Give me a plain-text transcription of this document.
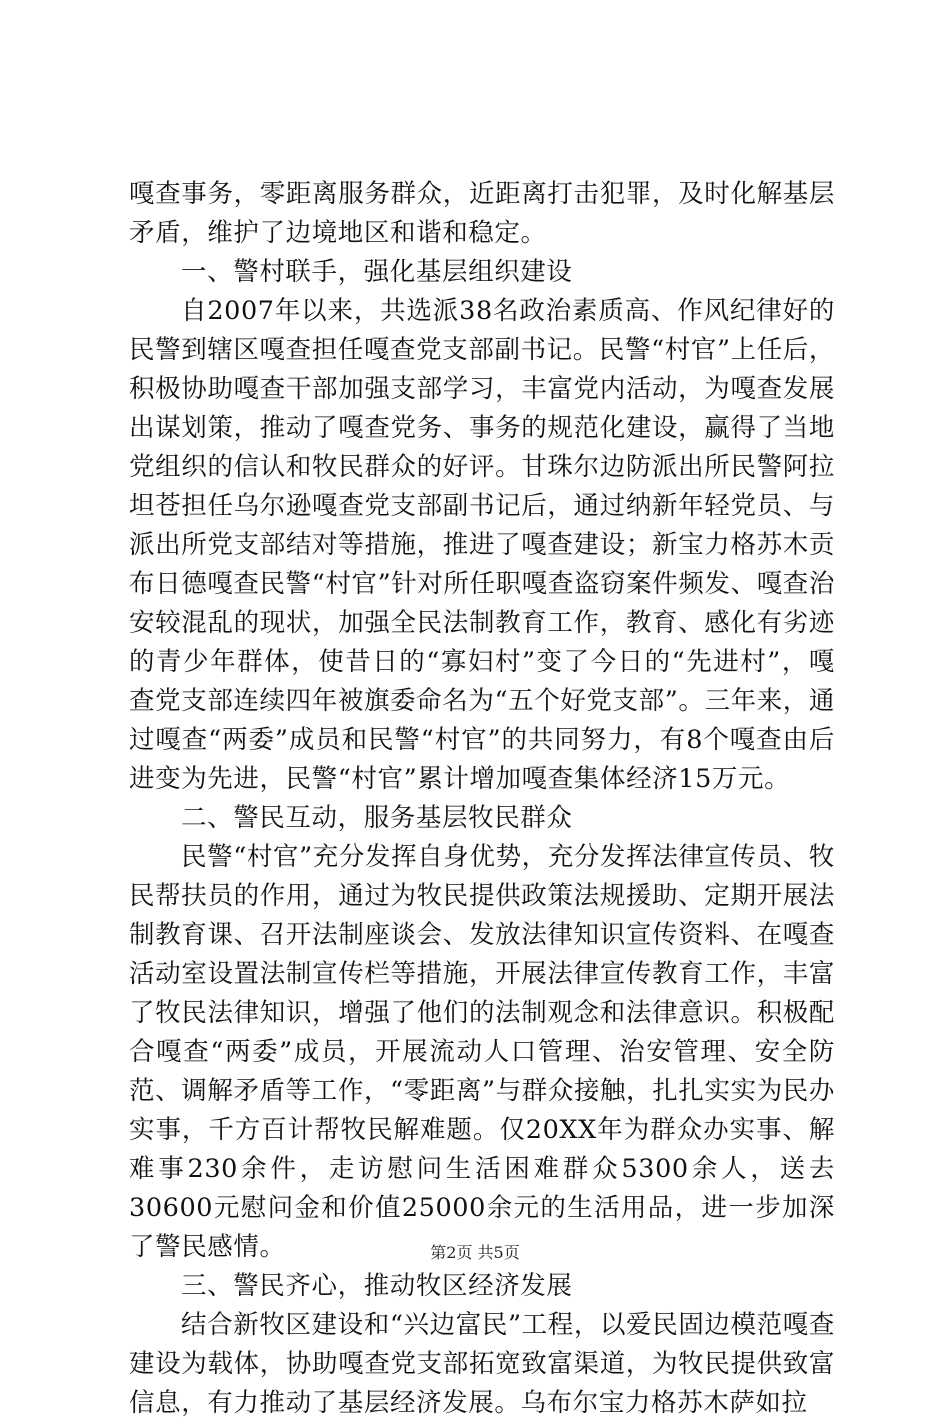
嘎查事务，零距离服务群众，近距离打击犯罪，及时化解基层矛盾，维护了边境地区和谐和稳定。

一、警村联手，强化基层组织建设

自2007年以来，共选派38名政治素质高、作风纪律好的民警到辖区嘎查担任嘎查党支部副书记。民警“村官”上任后，积极协助嘎查干部加强支部学习，丰富党内活动，为嘎查发展出谋划策，推动了嘎查党务、事务的规范化建设，赢得了当地党组织的信认和牧民群众的好评。甘珠尔边防派出所民警阿拉坦苍担任乌尔逊嘎查党支部副书记后，通过纳新年轻党员、与派出所党支部结对等措施，推进了嘎查建设；新宝力格苏木贡布日德嘎查民警“村官”针对所任职嘎查盗窃案件频发、嘎查治安较混乱的现状，加强全民法制教育工作，教育、感化有劣迹的青少年群体，使昔日的“寡妇村”变了今日的“先进村”，嘎查党支部连续四年被旗委命名为“五个好党支部”。三年来，通过嘎查“两委”成员和民警“村官”的共同努力，有8个嘎查由后进变为先进，民警“村官”累计增加嘎查集体经济15万元。

二、警民互动，服务基层牧民群众

民警“村官”充分发挥自身优势，充分发挥法律宣传员、牧民帮扶员的作用，通过为牧民提供政策法规援助、定期开展法制教育课、召开法制座谈会、发放法律知识宣传资料、在嘎查活动室设置法制宣传栏等措施，开展法律宣传教育工作，丰富了牧民法律知识，增强了他们的法制观念和法律意识。积极配合嘎查“两委”成员，开展流动人口管理、治安管理、安全防范、调解矛盾等工作，“零距离”与群众接触，扎扎实实为民办实事，千方百计帮牧民解难题。仅20XX年为群众办实事、解难事230余件，走访慰问生活困难群众5300余人，送去30600元慰问金和价值25000余元的生活用品，进一步加深了警民感情。

三、警民齐心，推动牧区经济发展

结合新牧区建设和“兴边富民”工程，以爱民固边模范嘎查建设为载体，协助嘎查党支部拓宽致富渠道，为牧民提供致富信息，有力推动了基层经济发展。乌布尔宝力格苏木萨如拉

第2页 共5页
